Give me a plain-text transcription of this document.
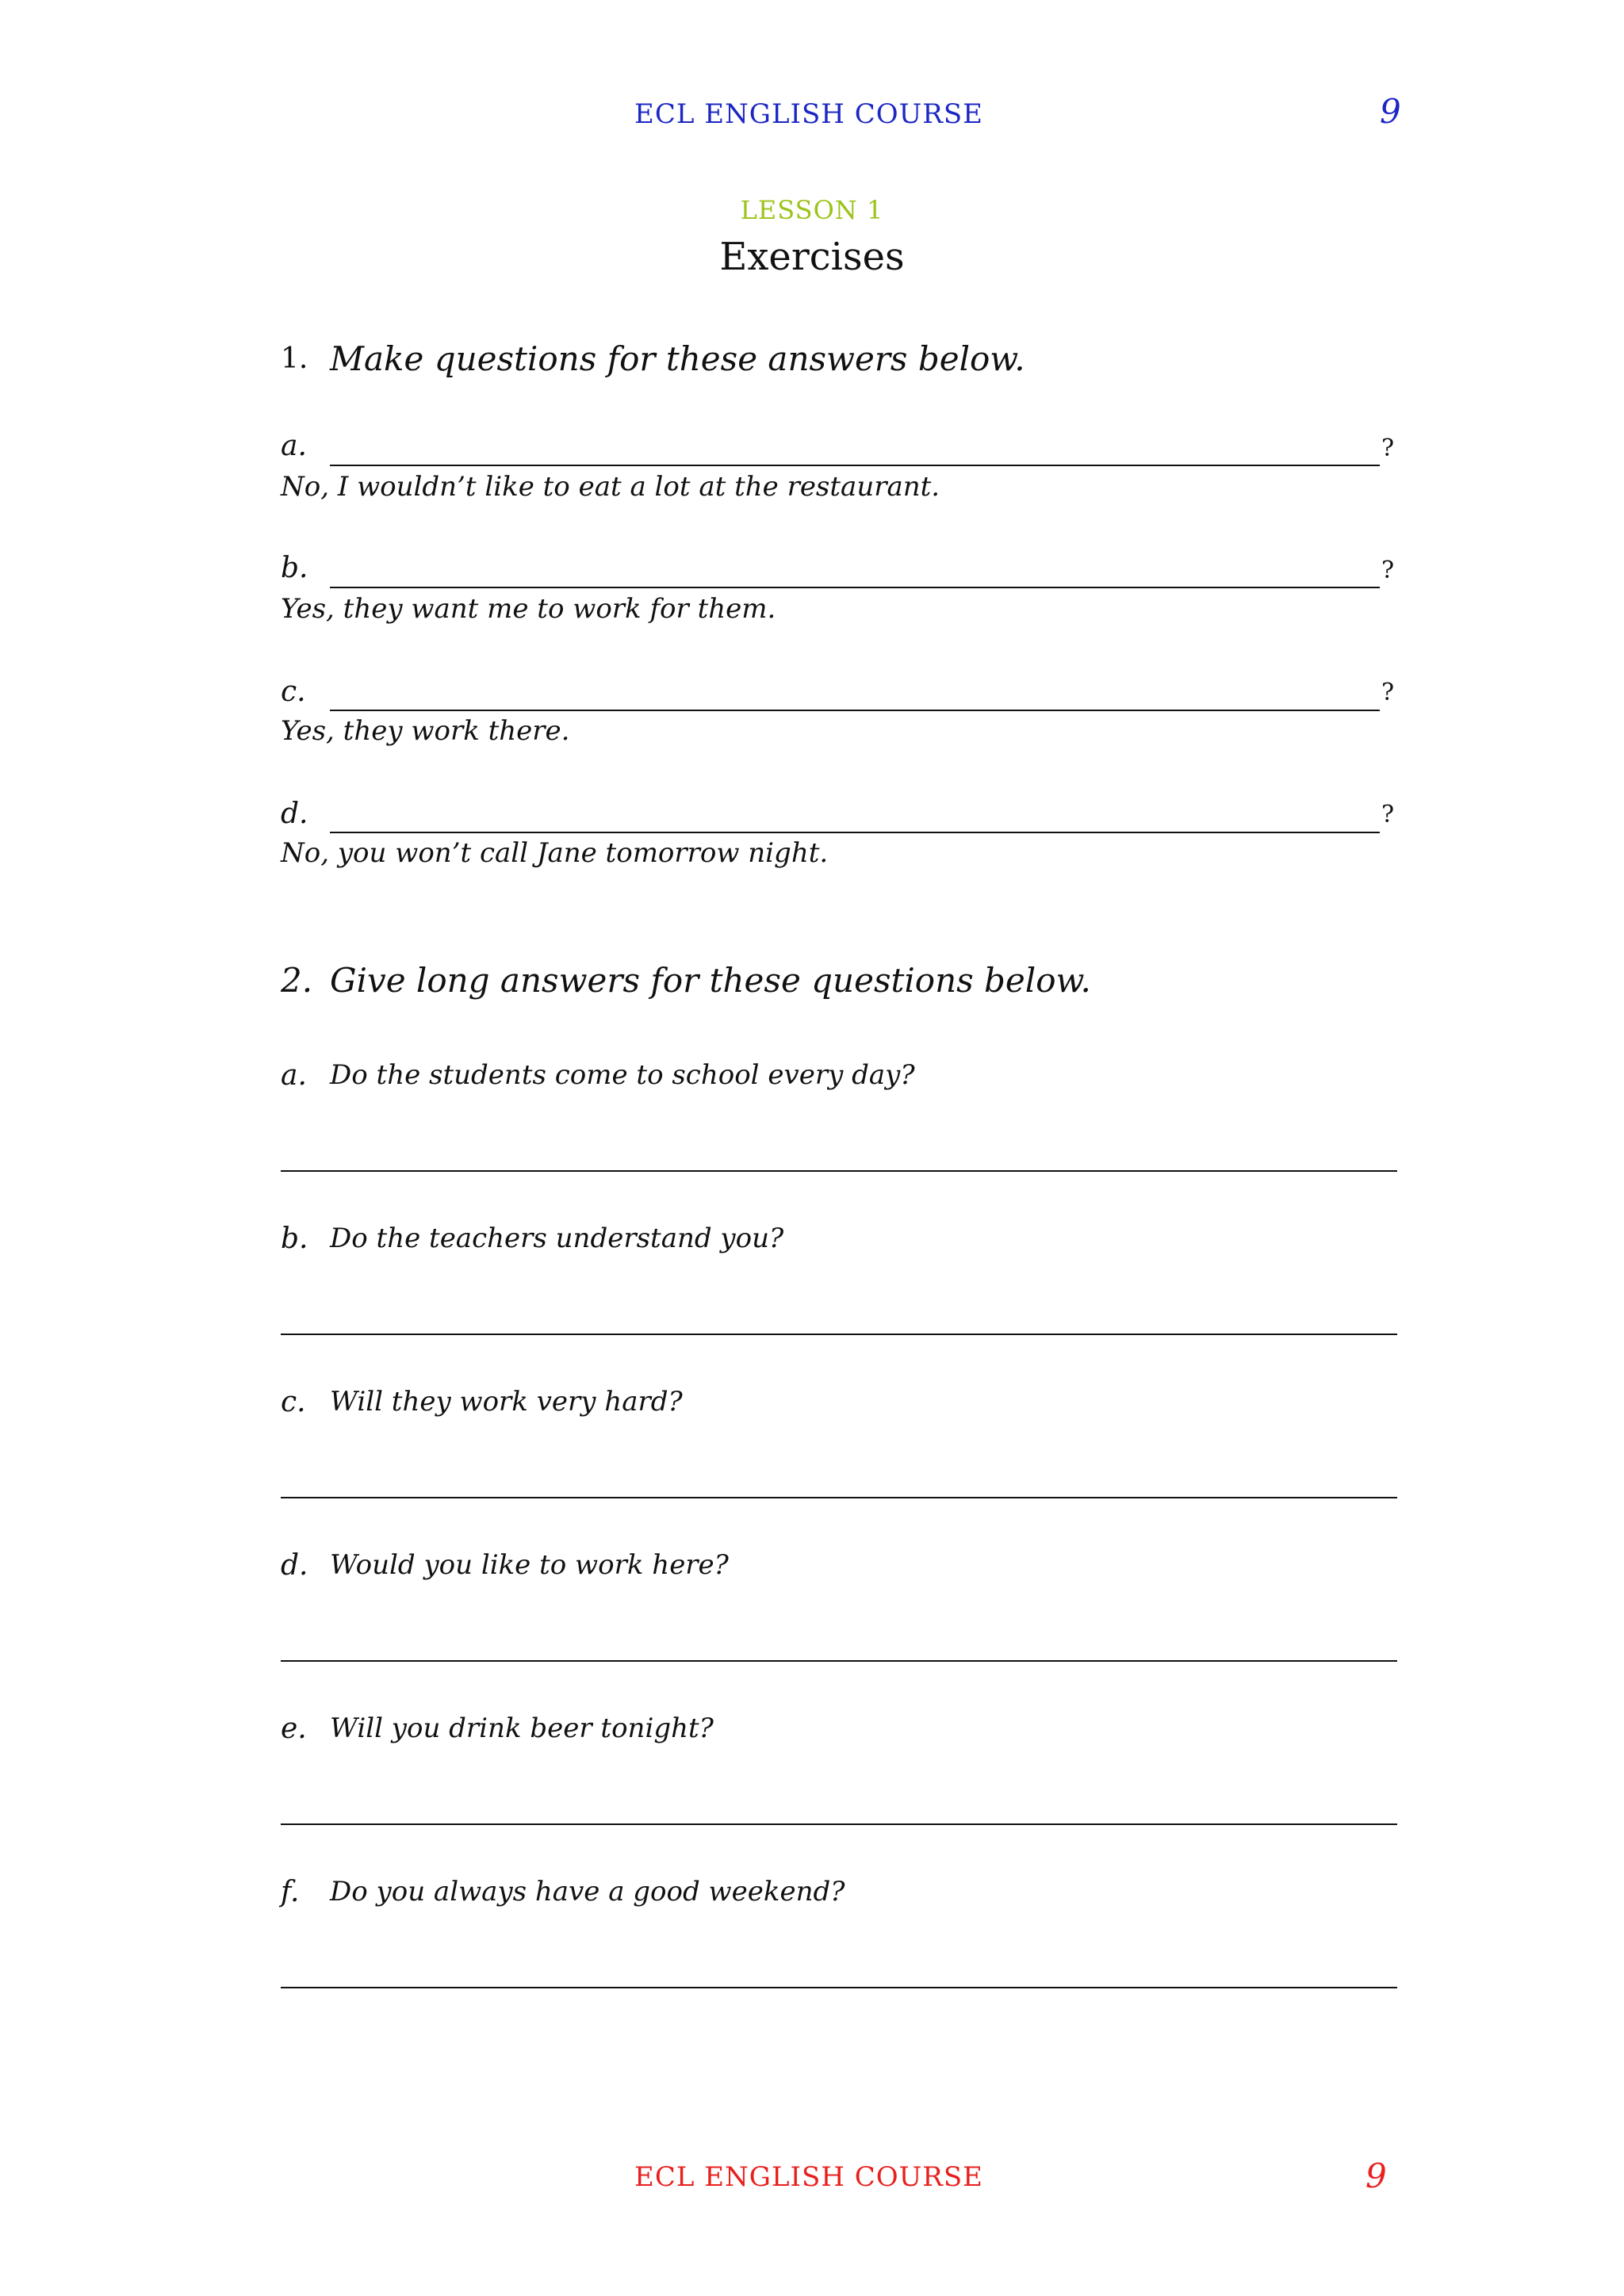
ECL ENGLISH COURSE	9
LESSON 1
Exercises
1. Make questions for these answers below.
a.	?
No, I wouldn’t like to eat a lot at the restaurant.
b.	?
Yes, they want me to work for them.
c.	?
Yes, they work there.
d.	?
No, you won’t call Jane tomorrow night.
2. Give long answers for these questions below.
a. Do the students come to school every day?
b. Do the teachers understand you?
c. Will they work very hard?
d. Would you like to work here?
e. Will you drink beer tonight?
f. Do you always have a good weekend?
ECL ENGLISH COURSE	9
